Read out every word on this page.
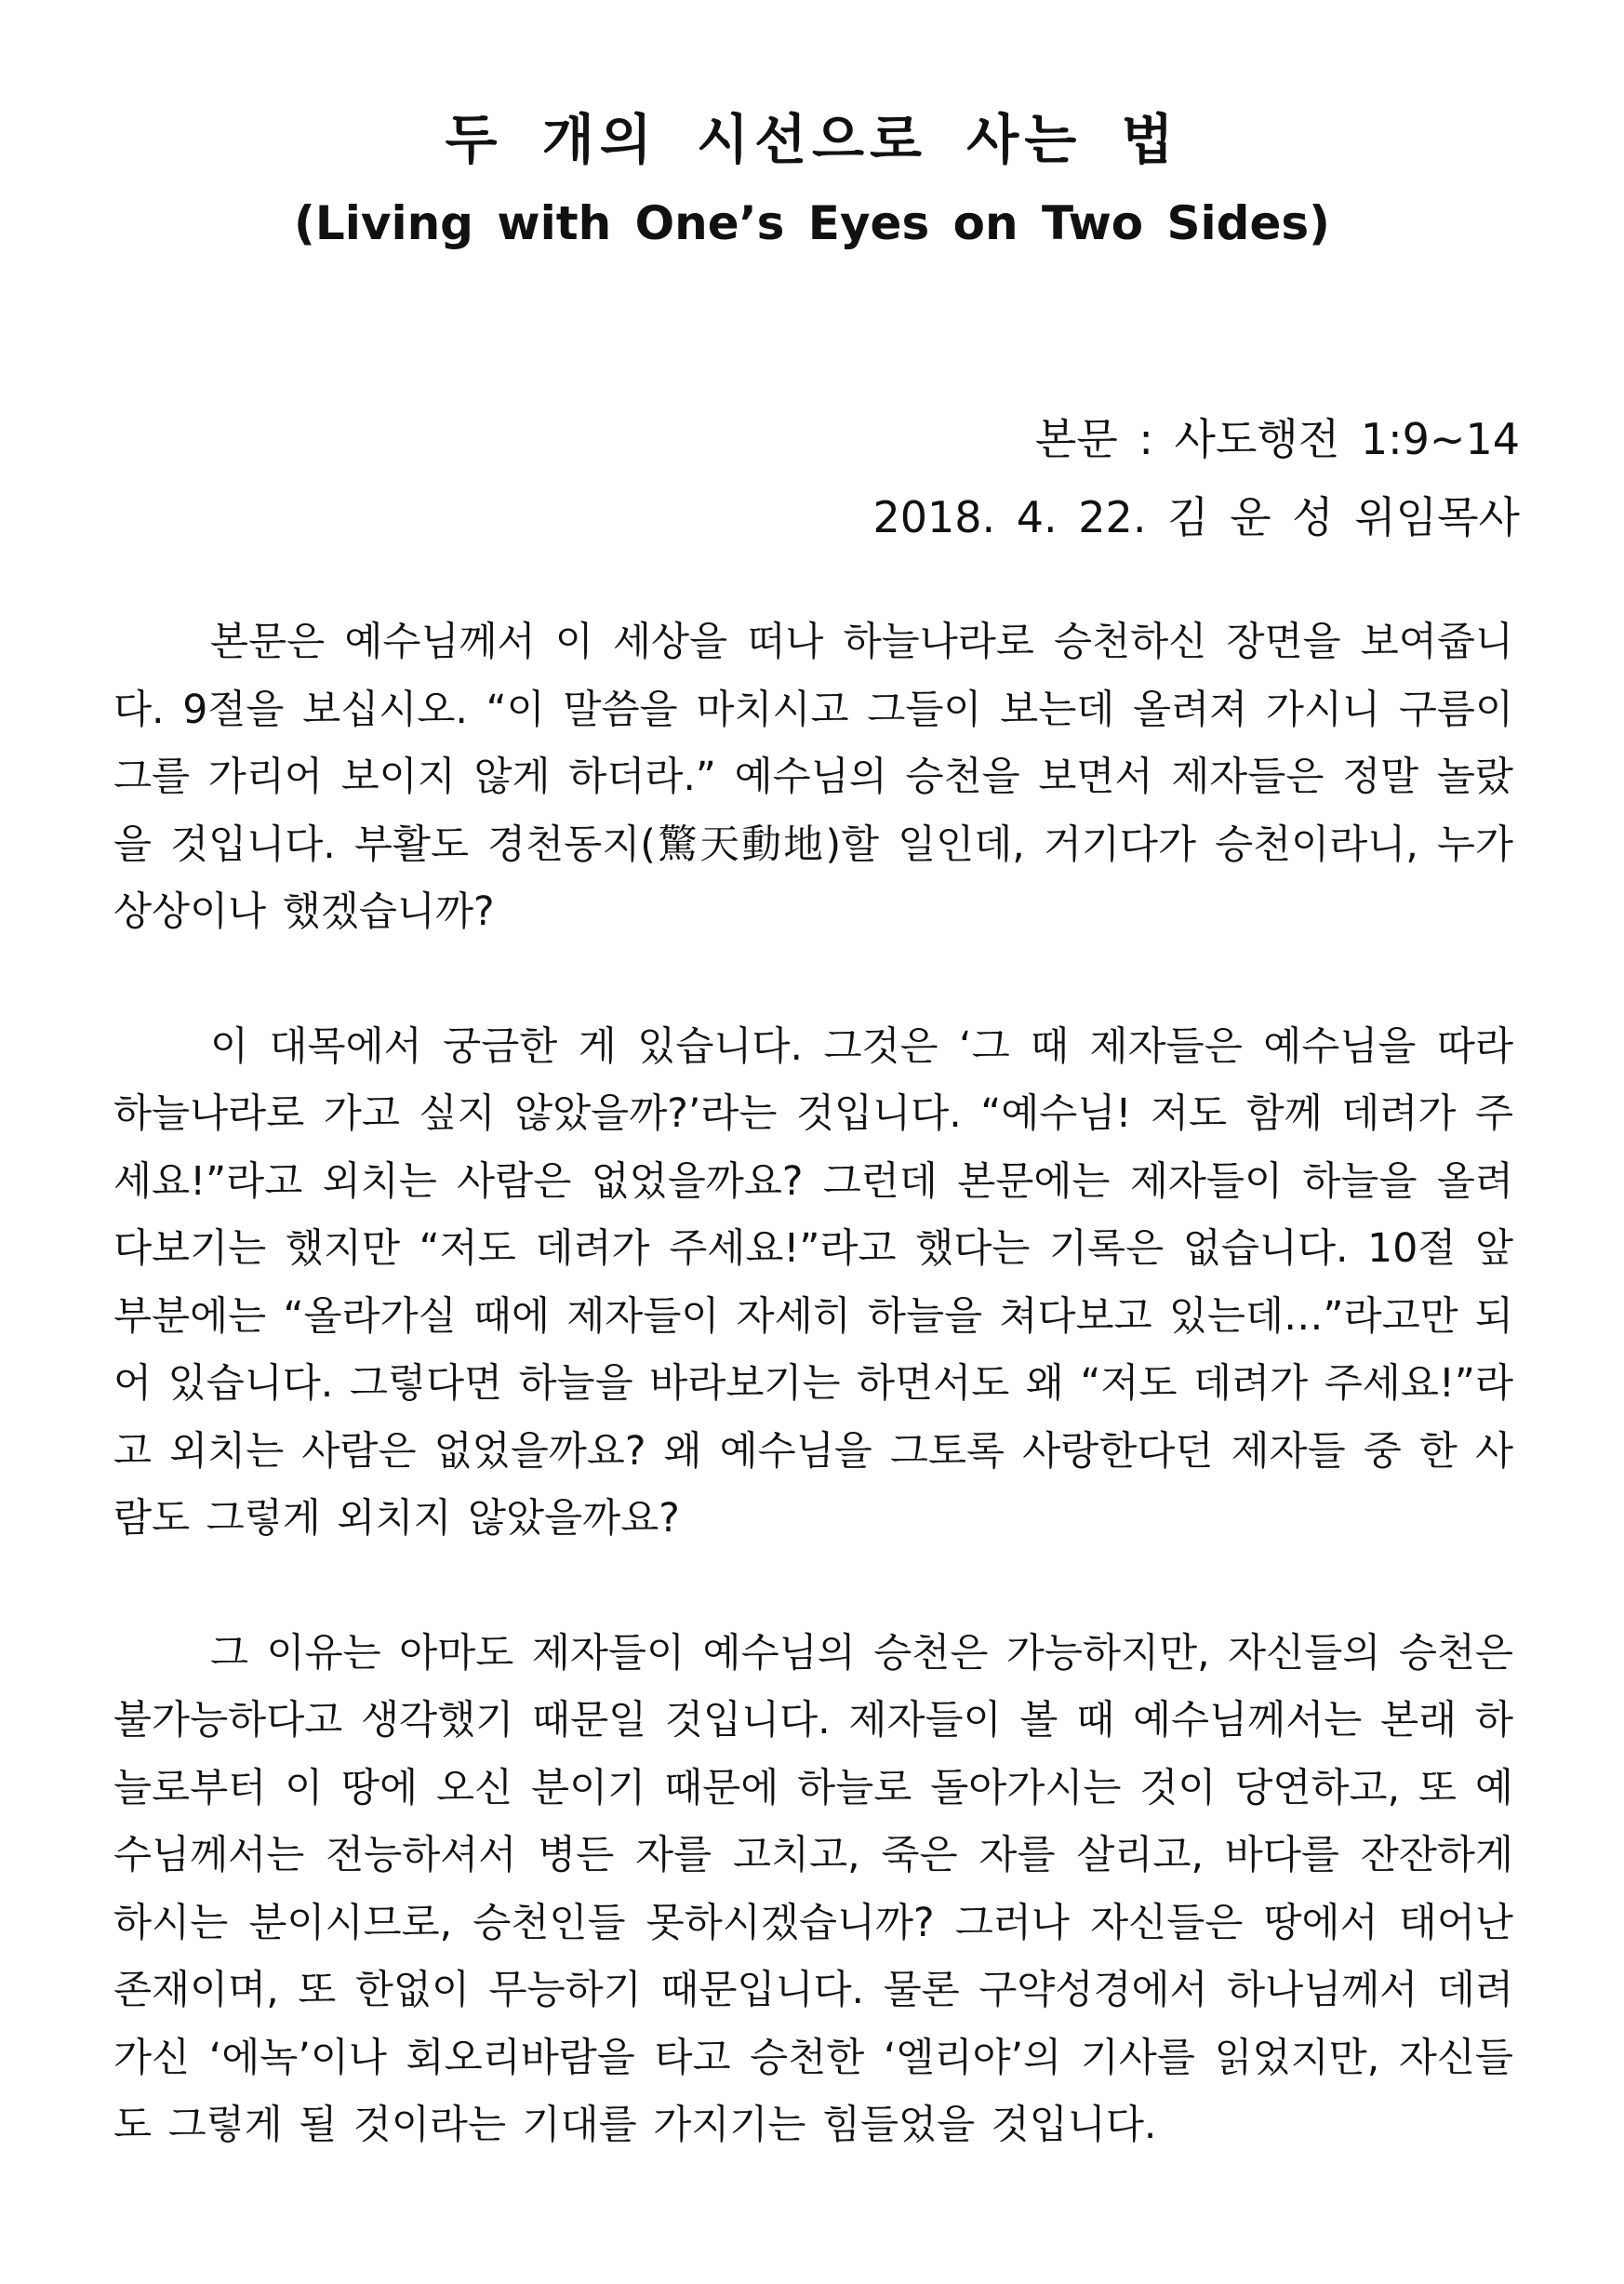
두 개의 시선으로 사는 법
(Living with One’s Eyes on Two Sides)
본문 : 사도행전 1:9~14
2018. 4. 22. 김 운 성 위임목사

본문은 예수님께서 이 세상을 떠나 하늘나라로 승천하신 장면을 보여줍니다. 9절을 보십시오. “이 말씀을 마치시고 그들이 보는데 올려져 가시니 구름이 그를 가리어 보이지 않게 하더라.” 예수님의 승천을 보면서 제자들은 정말 놀랐을 것입니다. 부활도 경천동지(驚天動地)할 일인데, 거기다가 승천이라니, 누가 상상이나 했겠습니까?

이 대목에서 궁금한 게 있습니다. 그것은 ‘그 때 제자들은 예수님을 따라 하늘나라로 가고 싶지 않았을까?’라는 것입니다. “예수님! 저도 함께 데려가 주세요!”라고 외치는 사람은 없었을까요? 그런데 본문에는 제자들이 하늘을 올려다보기는 했지만 “저도 데려가 주세요!”라고 했다는 기록은 없습니다. 10절 앞부분에는 “올라가실 때에 제자들이 자세히 하늘을 쳐다보고 있는데…”라고만 되어 있습니다. 그렇다면 하늘을 바라보기는 하면서도 왜 “저도 데려가 주세요!”라고 외치는 사람은 없었을까요? 왜 예수님을 그토록 사랑한다던 제자들 중 한 사람도 그렇게 외치지 않았을까요?

그 이유는 아마도 제자들이 예수님의 승천은 가능하지만, 자신들의 승천은 불가능하다고 생각했기 때문일 것입니다. 제자들이 볼 때 예수님께서는 본래 하늘로부터 이 땅에 오신 분이기 때문에 하늘로 돌아가시는 것이 당연하고, 또 예수님께서는 전능하셔서 병든 자를 고치고, 죽은 자를 살리고, 바다를 잔잔하게 하시는 분이시므로, 승천인들 못하시겠습니까? 그러나 자신들은 땅에서 태어난 존재이며, 또 한없이 무능하기 때문입니다. 물론 구약성경에서 하나님께서 데려가신 ‘에녹’이나 회오리바람을 타고 승천한 ‘엘리야’의 기사를 읽었지만, 자신들도 그렇게 될 것이라는 기대를 가지기는 힘들었을 것입니다.
